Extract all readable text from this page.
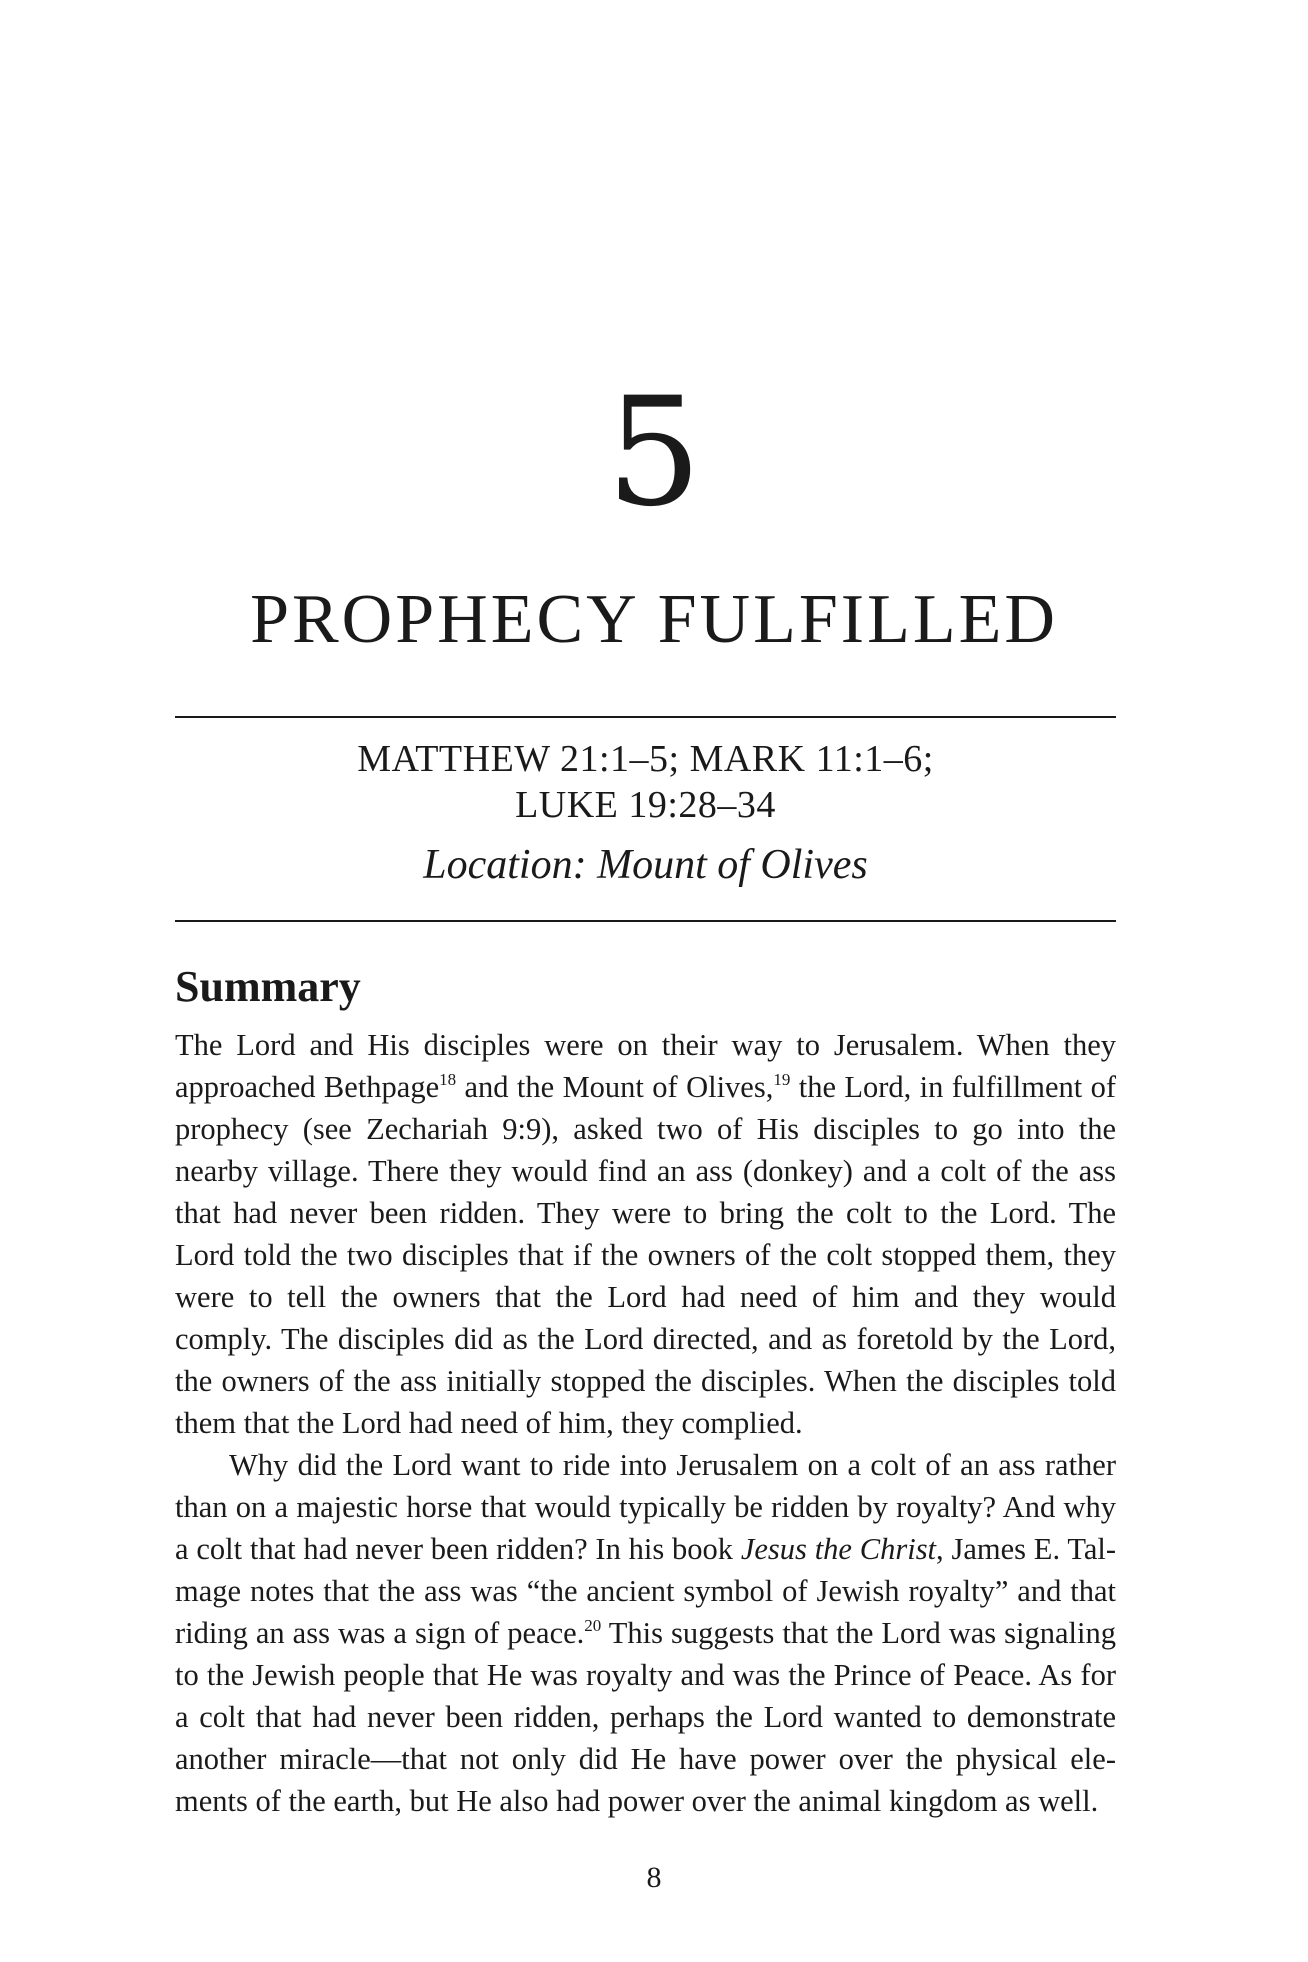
5
PROPHECY FULFILLED
MATTHEW 21:1–5; MARK 11:1–6;
LUKE 19:28–34
Location: Mount of Olives
Summary

The Lord and His disciples were on their way to Jerusalem. When they approached Bethpage$^{18}$ and the Mount of Olives,$^{19}$ the Lord, in fulfillment of prophecy (see Zechariah 9:9), asked two of His disciples to go into the nearby village. There they would find an ass (donkey) and a colt of the ass that had never been ridden. They were to bring the colt to the Lord. The Lord told the two disciples that if the owners of the colt stopped them, they were to tell the owners that the Lord had need of him and they would comply. The disciples did as the Lord directed, and as foretold by the Lord, the owners of the ass initially stopped the disciples. When the disciples told them that the Lord had need of him, they complied.

Why did the Lord want to ride into Jerusalem on a colt of an ass rather than on a majestic horse that would typically be ridden by royalty? And why a colt that had never been ridden? In his book Jesus the Christ, James E. Talmage notes that the ass was “the ancient symbol of Jewish royalty” and that riding an ass was a sign of peace.$^{20}$ This suggests that the Lord was signaling to the Jewish people that He was royalty and was the Prince of Peace. As for a colt that had never been ridden, perhaps the Lord wanted to demonstrate another miracle—that not only did He have power over the physical elements of the earth, but He also had power over the animal kingdom as well.

8
